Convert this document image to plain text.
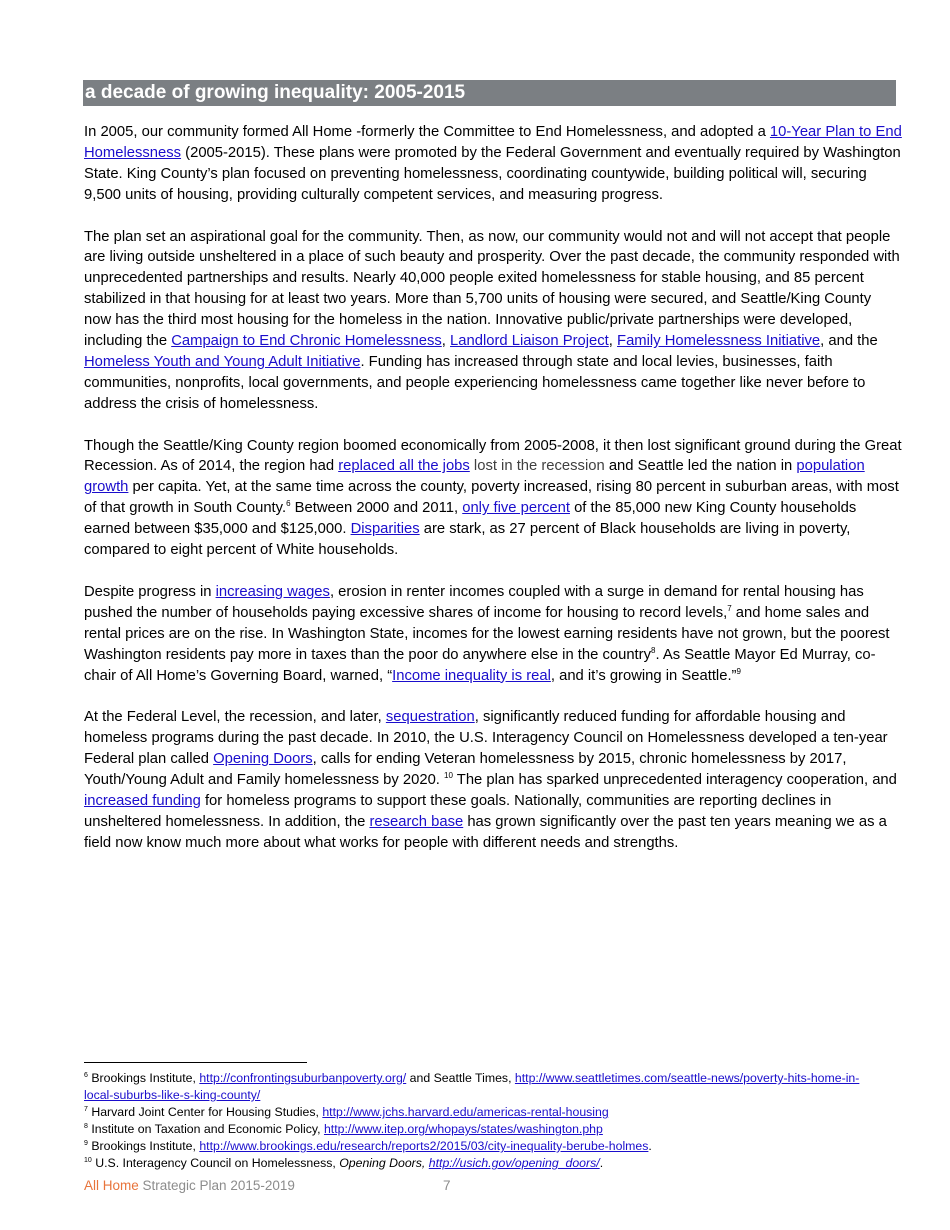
a decade of growing inequality: 2005-2015

In 2005, our community formed All Home -formerly the Committee to End Homelessness, and adopted a 10-Year Plan to End Homelessness (2005-2015). These plans were promoted by the Federal Government and eventually required by Washington State. King County’s plan focused on preventing homelessness, coordinating countywide, building political will, securing 9,500 units of housing, providing culturally competent services, and measuring progress.

The plan set an aspirational goal for the community. Then, as now, our community would not and will not accept that people are living outside unsheltered in a place of such beauty and prosperity. Over the past decade, the community responded with unprecedented partnerships and results. Nearly 40,000 people exited homelessness for stable housing, and 85 percent stabilized in that housing for at least two years. More than 5,700 units of housing were secured, and Seattle/King County now has the third most housing for the homeless in the nation. Innovative public/private partnerships were developed, including the Campaign to End Chronic Homelessness, Landlord Liaison Project, Family Homelessness Initiative, and the Homeless Youth and Young Adult Initiative. Funding has increased through state and local levies, businesses, faith communities, nonprofits, local governments, and people experiencing homelessness came together like never before to address the crisis of homelessness.

Though the Seattle/King County region boomed economically from 2005-2008, it then lost significant ground during the Great Recession. As of 2014, the region had replaced all the jobs lost in the recession and Seattle led the nation in population growth per capita. Yet, at the same time across the county, poverty increased, rising 80 percent in suburban areas, with most of that growth in South County.$^6$ Between 2000 and 2011, only five percent of the 85,000 new King County households earned between $35,000 and $125,000. Disparities are stark, as 27 percent of Black households are living in poverty, compared to eight percent of White households.

Despite progress in increasing wages, erosion in renter incomes coupled with a surge in demand for rental housing has pushed the number of households paying excessive shares of income for housing to record levels,$^7$ and home sales and rental prices are on the rise. In Washington State, incomes for the lowest earning residents have not grown, but the poorest Washington residents pay more in taxes than the poor do anywhere else in the country$^8$. As Seattle Mayor Ed Murray, co-chair of All Home’s Governing Board, warned, “Income inequality is real, and it’s growing in Seattle.”$^9$

At the Federal Level, the recession, and later, sequestration, significantly reduced funding for affordable housing and homeless programs during the past decade. In 2010, the U.S. Interagency Council on Homelessness developed a ten-year Federal plan called Opening Doors, calls for ending Veteran homelessness by 2015, chronic homelessness by 2017, Youth/Young Adult and Family homelessness by 2020. $^{10}$ The plan has sparked unprecedented interagency cooperation, and increased funding for homeless programs to support these goals. Nationally, communities are reporting declines in unsheltered homelessness. In addition, the research base has grown significantly over the past ten years meaning we as a field now know much more about what works for people with different needs and strengths.

$^6$ Brookings Institute, http://confrontingsuburbanpoverty.org/ and Seattle Times, http://www.seattletimes.com/seattle-news/poverty-hits-home-in-local-suburbs-like-s-king-county/
$^7$ Harvard Joint Center for Housing Studies, http://www.jchs.harvard.edu/americas-rental-housing
$^8$ Institute on Taxation and Economic Policy, http://www.itep.org/whopays/states/washington.php
$^9$ Brookings Institute, http://www.brookings.edu/research/reports2/2015/03/city-inequality-berube-holmes.
$^{10}$ U.S. Interagency Council on Homelessness, Opening Doors, http://usich.gov/opening_doors/.
All Home Strategic Plan 2015-2019	7
